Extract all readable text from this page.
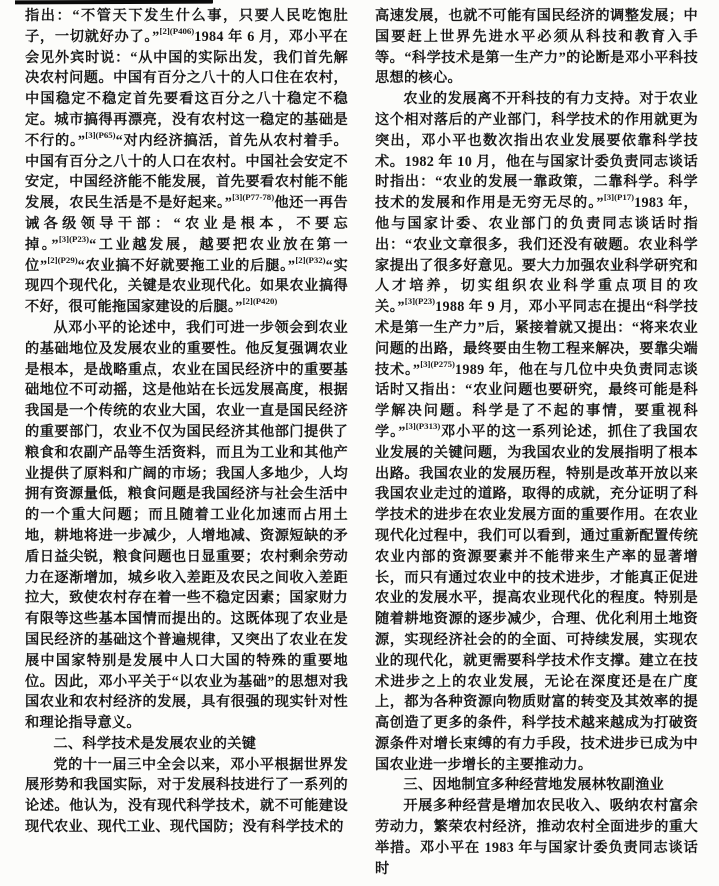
指出：“不管天下发生什么事，只要人民吃饱肚子，一切就好办了。”$^{[2](P406)}$1984 年 6 月，邓小平在会见外宾时说：“从中国的实际出发，我们首先解决农村问题。中国有百分之八十的人口住在农村，中国稳定不稳定首先要看这百分之八十稳定不稳定。城市搞得再漂亮，没有农村这一稳定的基础是不行的。”$^{[3](P65)}$“对内经济搞活，首先从农村着手。中国有百分之八十的人口在农村。中国社会安定不安定，中国经济能不能发展，首先要看农村能不能发展，农民生活是不是好起来。”$^{[3](P77-78)}$他还一再告诫各级领导干部：“农业是根本，不要忘掉。”$^{[3](P23)}$“工业越发展，越要把农业放在第一位”$^{[2](P29)}$“农业搞不好就要拖工业的后腿。”$^{[2](P32)}$“实现四个现代化，关键是农业现代化。如果农业搞得不好，很可能拖国家建设的后腿。”$^{[2](P420)}$

从邓小平的论述中，我们可进一步领会到农业的基础地位及发展农业的重要性。他反复强调农业是根本，是战略重点，农业在国民经济中的重要基础地位不可动摇，这是他站在长远发展高度，根据我国是一个传统的农业大国，农业一直是国民经济的重要部门，农业不仅为国民经济其他部门提供了粮食和农副产品等生活资料，而且为工业和其他产业提供了原料和广阔的市场；我国人多地少，人均拥有资源量低，粮食问题是我国经济与社会生活中的一个重大问题；而且随着工业化加速而占用土地，耕地将进一步减少，人增地减、资源短缺的矛盾日益尖锐，粮食问题也日显重要；农村剩余劳动力在逐渐增加，城乡收入差距及农民之间收入差距拉大，致使农村存在着一些不稳定因素；国家财力有限等这些基本国情而提出的。这既体现了农业是国民经济的基础这个普遍规律，又突出了农业在发展中国家特别是发展中人口大国的特殊的重要地位。因此，邓小平关于“以农业为基础”的思想对我国农业和农村经济的发展，具有很强的现实针对性和理论指导意义。

二、科学技术是发展农业的关键

党的十一届三中全会以来，邓小平根据世界发展形势和我国实际，对于发展科技进行了一系列的论述。他认为，没有现代科学技术，就不可能建设现代农业、现代工业、现代国防；没有科学技术的

高速发展，也就不可能有国民经济的调整发展；中国要赶上世界先进水平必须从科技和教育入手等。“科学技术是第一生产力”的论断是邓小平科技思想的核心。

农业的发展离不开科技的有力支持。对于农业这个相对落后的产业部门，科学技术的作用就更为突出，邓小平也数次指出农业发展要依靠科学技术。1982 年 10 月，他在与国家计委负责同志谈话时指出：“农业的发展一靠政策，二靠科学。科学技术的发展和作用是无穷无尽的。”$^{[3](P17)}$1983 年，他与国家计委、农业部门的负责同志谈话时指出：“农业文章很多，我们还没有破题。农业科学家提出了很多好意见。要大力加强农业科学研究和人才培养，切实组织农业科学重点项目的攻关。”$^{[3](P23)}$1988 年 9 月，邓小平同志在提出“科学技术是第一生产力”后，紧接着就又提出：“将来农业问题的出路，最终要由生物工程来解决，要靠尖端技术。”$^{[3](P275)}$1989 年，他在与几位中央负责同志谈话时又指出：“农业问题也要研究，最终可能是科学解决问题。科学是了不起的事情，要重视科学。”$^{[3](P313)}$邓小平的这一系列论述，抓住了我国农业发展的关键问题，为我国农业的发展指明了根本出路。我国农业的发展历程，特别是改革开放以来我国农业走过的道路，取得的成就，充分证明了科学技术的进步在农业发展方面的重要作用。在农业现代化过程中，我们可以看到，通过重新配置传统农业内部的资源要素并不能带来生产率的显著增长，而只有通过农业中的技术进步，才能真正促进农业的发展水平，提高农业现代化的程度。特别是随着耕地资源的逐步减少，合理、优化利用土地资源，实现经济社会的的全面、可持续发展，实现农业的现代化，就更需要科学技术作支撑。建立在技术进步之上的农业发展，无论在深度还是在广度上，都为各种资源向物质财富的转变及其效率的提高创造了更多的条件，科学技术越来越成为打破资源条件对增长束缚的有力手段，技术进步已成为中国农业进一步增长的主要推动力。

三、因地制宜多种经营地发展林牧副渔业

开展多种经营是增加农民收入、吸纳农村富余劳动力，繁荣农村经济，推动农村全面进步的重大举措。邓小平在 1983 年与国家计委负责同志谈话时
